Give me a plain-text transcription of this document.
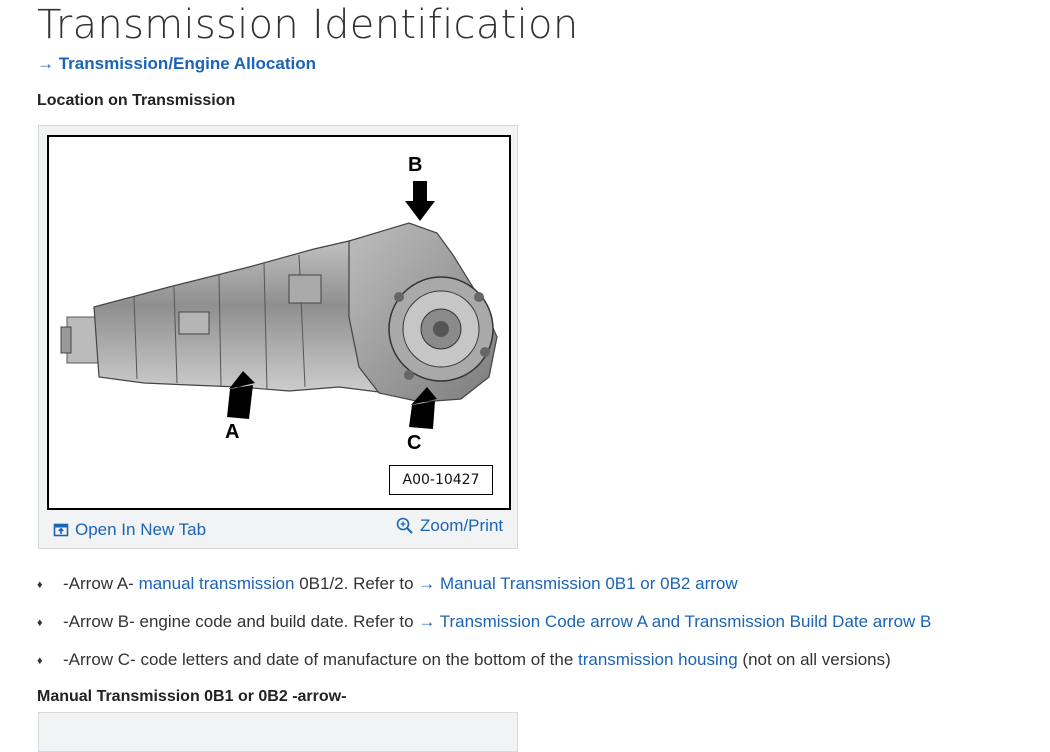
Transmission Identification
→ Transmission/Engine Allocation
Location on Transmission
B
A	C
A00-10427
Open In New Tab	Zoom/Print
♦	-Arrow A- manual transmission 0B1/2. Refer to → Manual Transmission 0B1 or 0B2 arrow
♦	-Arrow B- engine code and build date. Refer to → Transmission Code arrow A and Transmission Build Date arrow B
♦	-Arrow C- code letters and date of manufacture on the bottom of the transmission housing (not on all versions)
Manual Transmission 0B1 or 0B2 -arrow-
